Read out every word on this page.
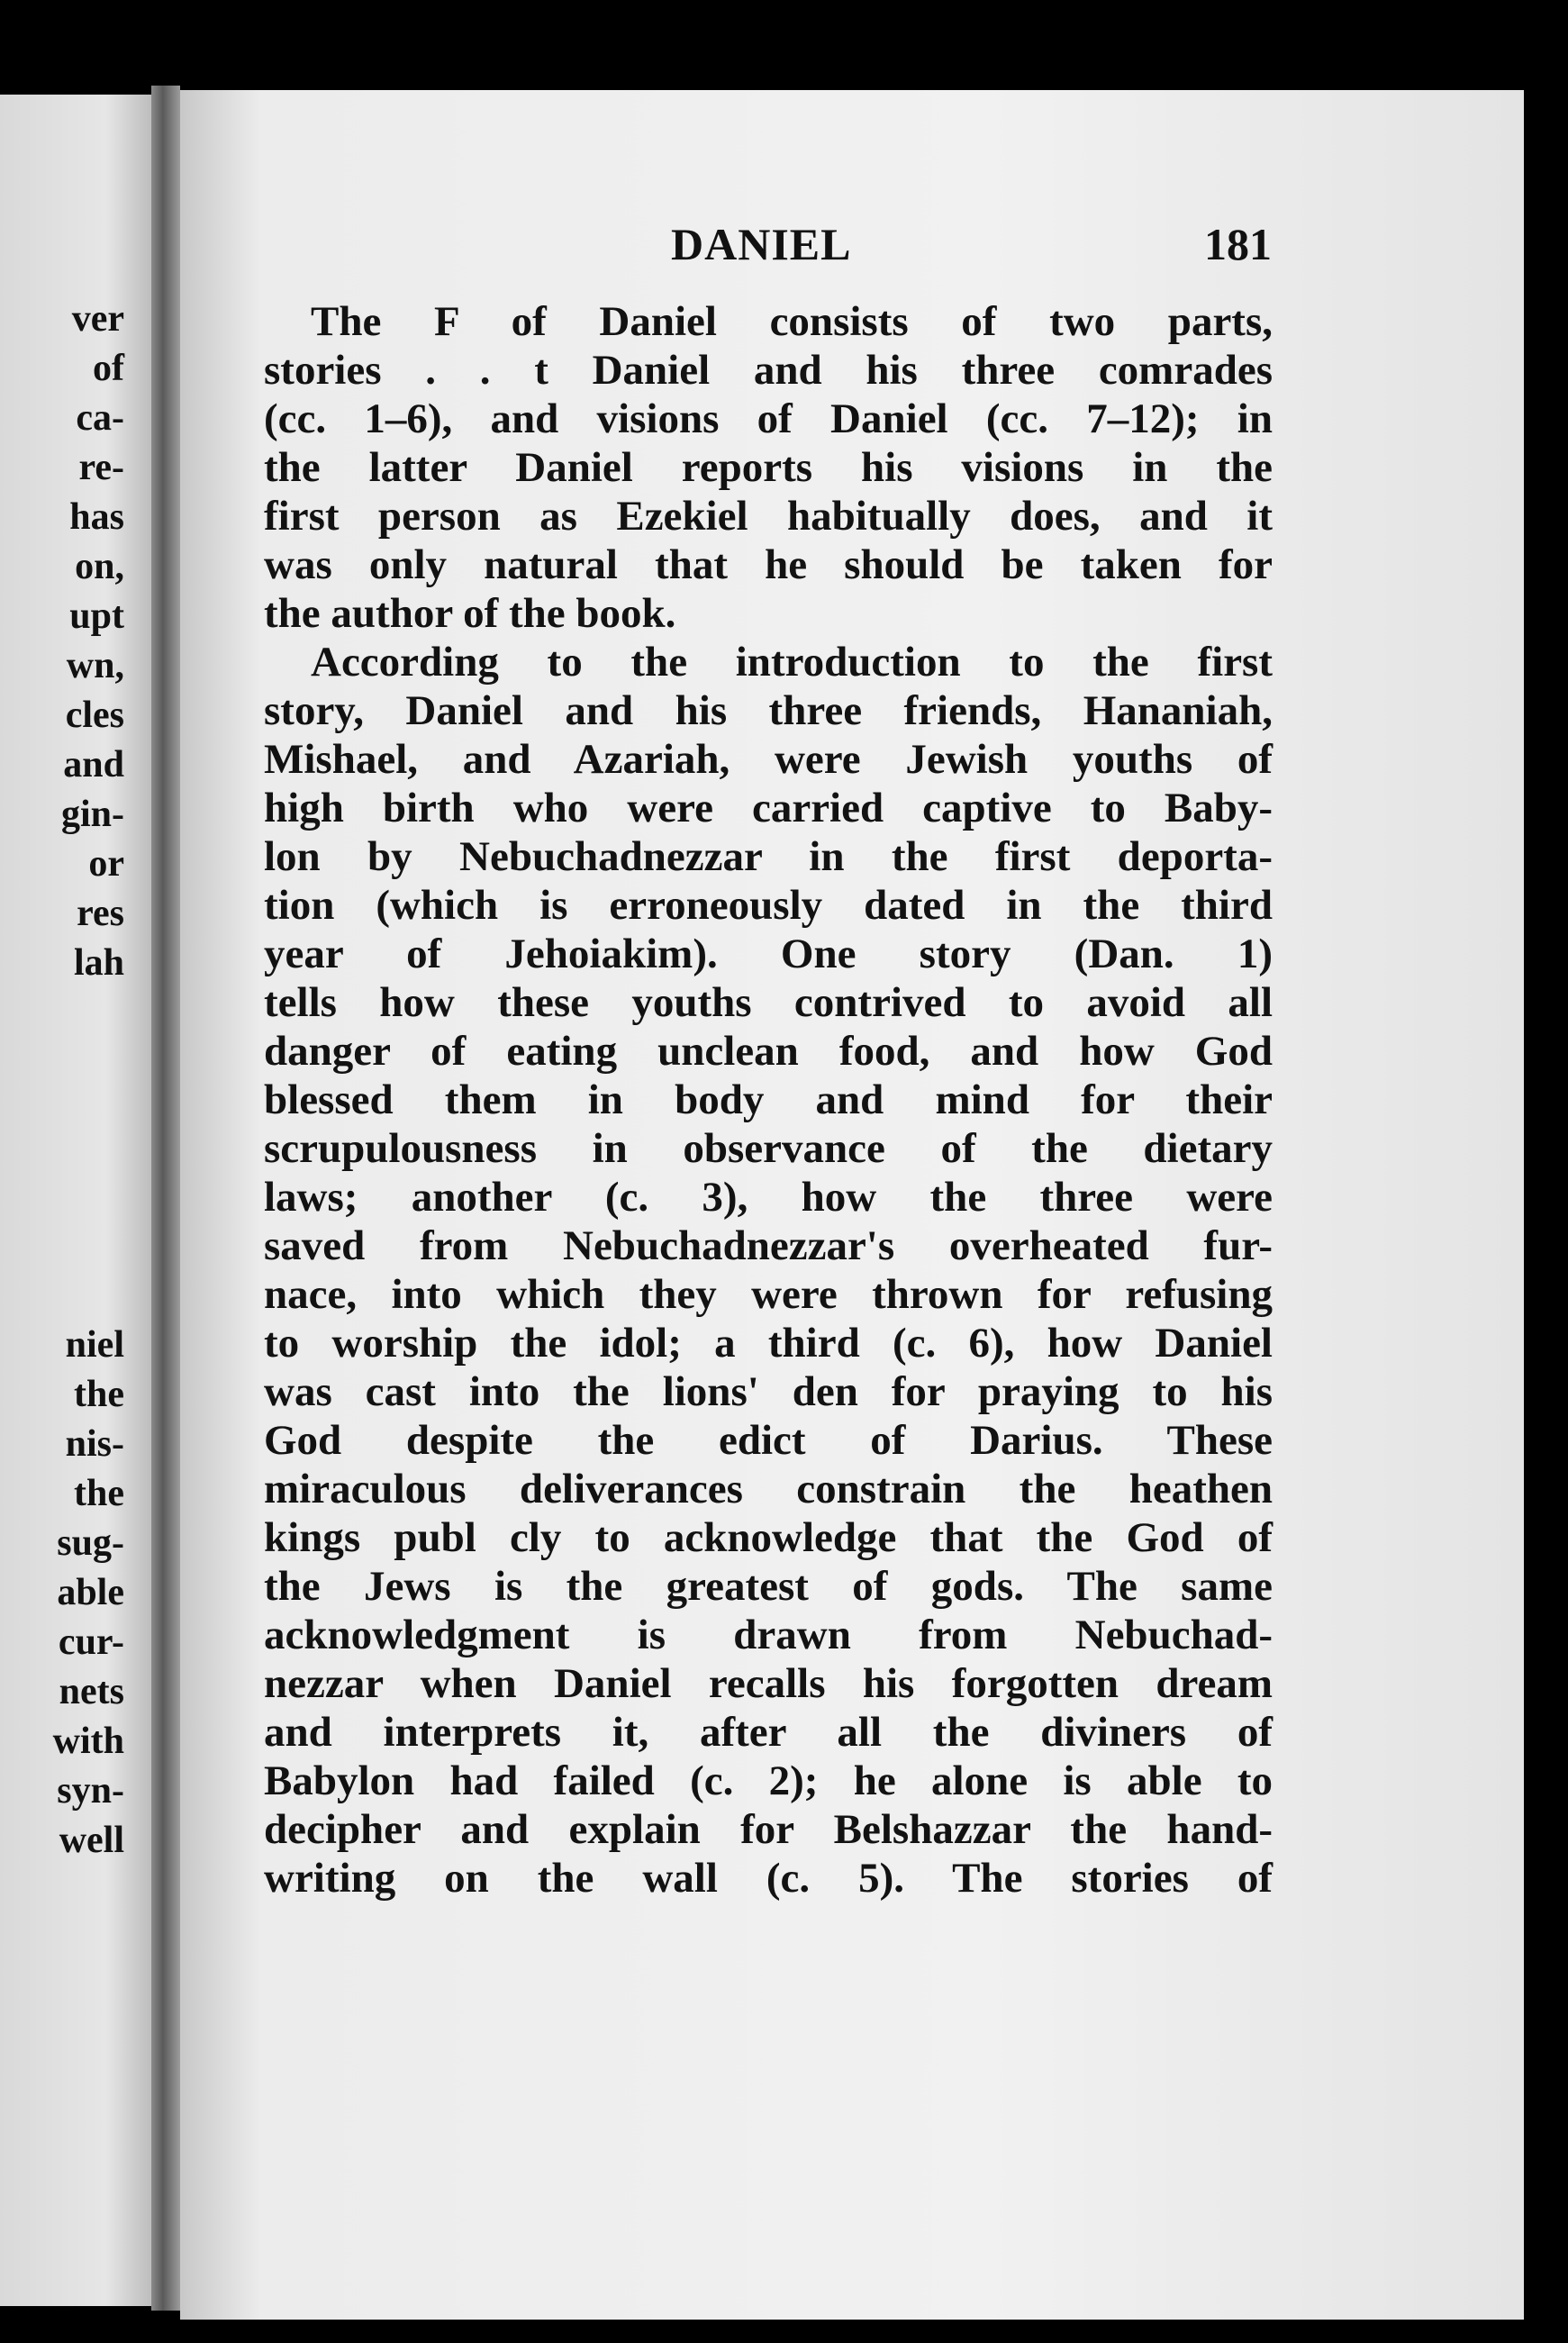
ver
of
ca-
re-
has
on,
upt
wn,
cles
and
gin-
or
res
lah
niel
the
nis-
the
sug-
able
cur-
nets
with
syn-
well
DANIEL	181
The F of Daniel consists of two parts,
stories . . t Daniel and his three comrades
(cc. 1–6), and visions of Daniel (cc. 7–12); in
the latter Daniel reports his visions in the
first person as Ezekiel habitually does, and it
was only natural that he should be taken for
the author of the book.
According to the introduction to the first
story, Daniel and his three friends, Hananiah,
Mishael, and Azariah, were Jewish youths of
high birth who were carried captive to Baby-
lon by Nebuchadnezzar in the first deporta-
tion (which is erroneously dated in the third
year of Jehoiakim). One story (Dan. 1)
tells how these youths contrived to avoid all
danger of eating unclean food, and how God
blessed them in body and mind for their
scrupulousness in observance of the dietary
laws; another (c. 3), how the three were
saved from Nebuchadnezzar's overheated fur-
nace, into which they were thrown for refusing
to worship the idol; a third (c. 6), how Daniel
was cast into the lions' den for praying to his
God despite the edict of Darius. These
miraculous deliverances constrain the heathen
kings publ cly to acknowledge that the God of
the Jews is the greatest of gods. The same
acknowledgment is drawn from Nebuchad-
nezzar when Daniel recalls his forgotten dream
and interprets it, after all the diviners of
Babylon had failed (c. 2); he alone is able to
decipher and explain for Belshazzar the hand-
writing on the wall (c. 5). The stories of
